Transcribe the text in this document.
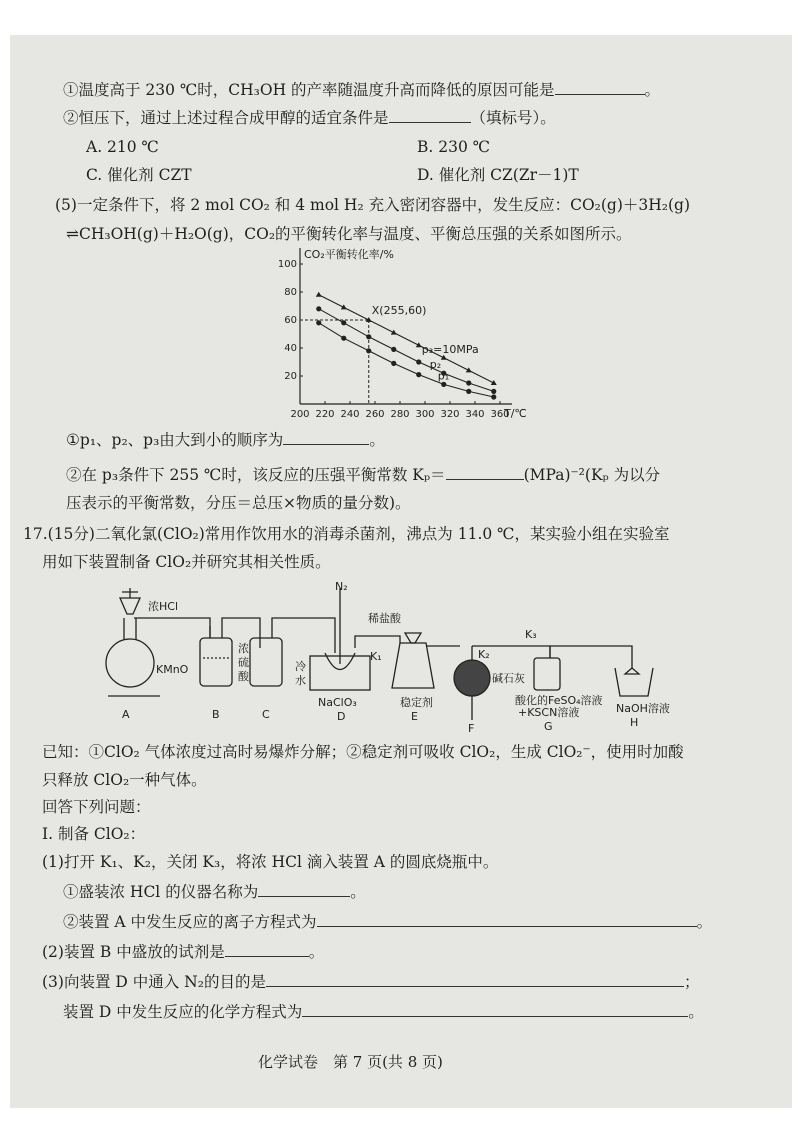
①温度高于 230 ℃时，CH₃OH 的产率随温度升高而降低的原因可能是	。
②恒压下，通过上述过程合成甲醇的适宜条件是	（填标号）。
A. 210 ℃	B. 230 ℃
C. 催化剂 CZT	D. 催化剂 CZ(Zr－1)T
(5)一定条件下，将 2 mol CO₂ 和 4 mol H₂ 充入密闭容器中，发生反应：CO₂(g)＋3H₂(g)
⇌CH₃OH(g)＋H₂O(g)，CO₂的平衡转化率与温度、平衡总压强的关系如图所示。
200 220 240 260 280 300 320 340 360
20
40
60
80
100
CO₂平衡转化率/%
T/℃
p₃=10MPa
p₂
p₁
X(255,60)
①p₁、p₂、p₃由大到小的顺序为	。
②在 p₃条件下 255 ℃时，该反应的压强平衡常数 Kₚ＝	(MPa)⁻²(Kₚ 为以分
压表示的平衡常数，分压＝总压×物质的量分数)。
17.(15分)二氧化氯(ClO₂)常用作饮用水的消毒杀菌剂，沸点为 11.0 ℃，某实验小组在实验室
用如下装置制备 ClO₂并研究其相关性质。
浓HCl
KMnO
浓
硫
酸
N₂
冷
水
NaClO₃
稀盐酸
K₁	K₂
K₃
碱石灰
稳定剂	酸化的FeSO₄溶液
+KSCN溶液	NaOH溶液
A	B	C	D	E
F	G	H
已知：①ClO₂ 气体浓度过高时易爆炸分解；②稳定剂可吸收 ClO₂，生成 ClO₂⁻，使用时加酸
只释放 ClO₂一种气体。
回答下列问题：
Ⅰ. 制备 ClO₂：
(1)打开 K₁、K₂，关闭 K₃，将浓 HCl 滴入装置 A 的圆底烧瓶中。
①盛装浓 HCl 的仪器名称为	。
②装置 A 中发生反应的离子方程式为	。
(2)装置 B 中盛放的试剂是	。
(3)向装置 D 中通入 N₂的目的是	；
装置 D 中发生反应的化学方程式为	。
化学试卷　第 7 页(共 8 页)
